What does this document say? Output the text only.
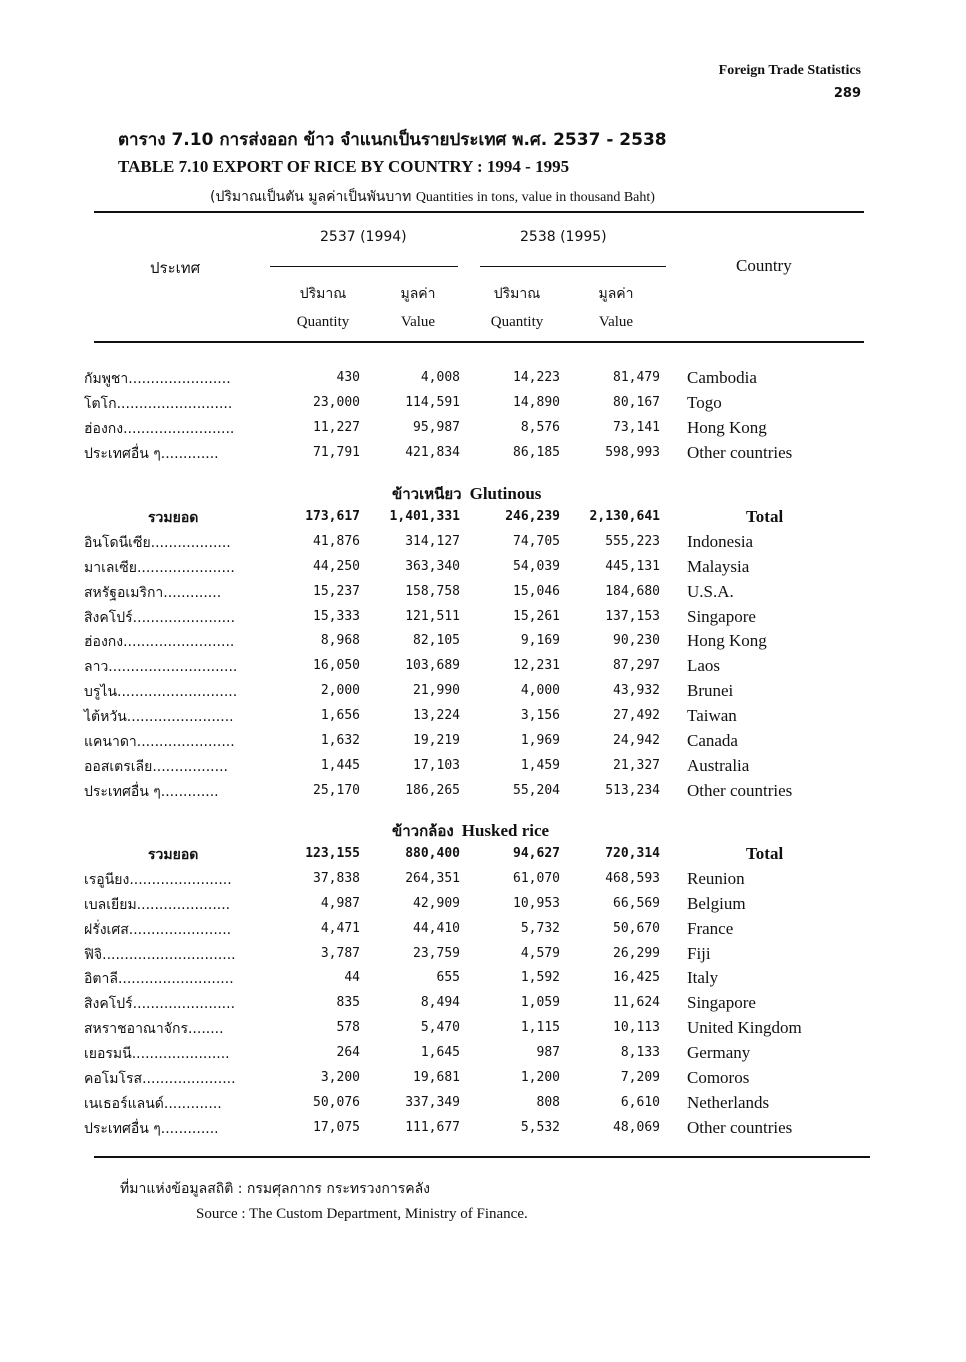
Foreign Trade Statistics
289
ตาราง 7.10 การส่งออก ข้าว จำแนกเป็นรายประเทศ พ.ศ. 2537 - 2538
TABLE 7.10 EXPORT OF RICE BY COUNTRY : 1994 - 1995
(ปริมาณเป็นตัน มูลค่าเป็นพันบาท Quantities in tons, value in thousand Baht)
ประเทศ
2537 (1994)	2538 (1995)
Country
ปริมาณ
Quantity
มูลค่า
Value
ปริมาณ
Quantity
มูลค่า
Value
กัมพูชา.......................	430	4,008	14,223	81,479 Cambodia
โตโก..........................	23,000	114,591	14,890	80,167 Togo
ฮ่องกง.........................	11,227	95,987	8,576	73,141 Hong Kong
ประเทศอื่น ๆ.............	71,791	421,834	86,185	598,993 Other countries
ข้าวเหนียว Glutinous
รวมยอด	173,617	1,401,331	246,239	2,130,641	Total
อินโดนีเซีย..................	41,876	314,127	74,705	555,223 Indonesia
มาเลเซีย......................	44,250	363,340	54,039	445,131 Malaysia
สหรัฐอเมริกา.............	15,237	158,758	15,046	184,680 U.S.A.
สิงคโปร์.......................	15,333	121,511	15,261	137,153 Singapore
ฮ่องกง.........................	8,968	82,105	9,169	90,230 Hong Kong
ลาว.............................	16,050	103,689	12,231	87,297 Laos
บรูไน...........................	2,000	21,990	4,000	43,932 Brunei
ไต้หวัน........................	1,656	13,224	3,156	27,492 Taiwan
แคนาดา......................	1,632	19,219	1,969	24,942 Canada
ออสเตรเลีย.................	1,445	17,103	1,459	21,327 Australia
ประเทศอื่น ๆ.............	25,170	186,265	55,204	513,234 Other countries
ข้าวกล้อง Husked rice
รวมยอด	123,155	880,400	94,627	720,314	Total
เรอูนียง.......................	37,838	264,351	61,070	468,593 Reunion
เบลเยียม.....................	4,987	42,909	10,953	66,569 Belgium
ฝรั่งเศส.......................	4,471	44,410	5,732	50,670 France
ฟิจิ..............................	3,787	23,759	4,579	26,299 Fiji
อิตาลี..........................	44	655	1,592	16,425 Italy
สิงคโปร์.......................	835	8,494	1,059	11,624 Singapore
สหราชอาณาจักร........	578	5,470	1,115	10,113 United Kingdom
เยอรมนี......................	264	1,645	987	8,133 Germany
คอโมโรส.....................	3,200	19,681	1,200	7,209 Comoros
เนเธอร์แลนด์.............	50,076	337,349	808	6,610 Netherlands
ประเทศอื่น ๆ.............	17,075	111,677	5,532	48,069 Other countries
ที่มาแห่งข้อมูลสถิติ : กรมศุลกากร กระทรวงการคลัง
Source : The Custom Department, Ministry of Finance.
